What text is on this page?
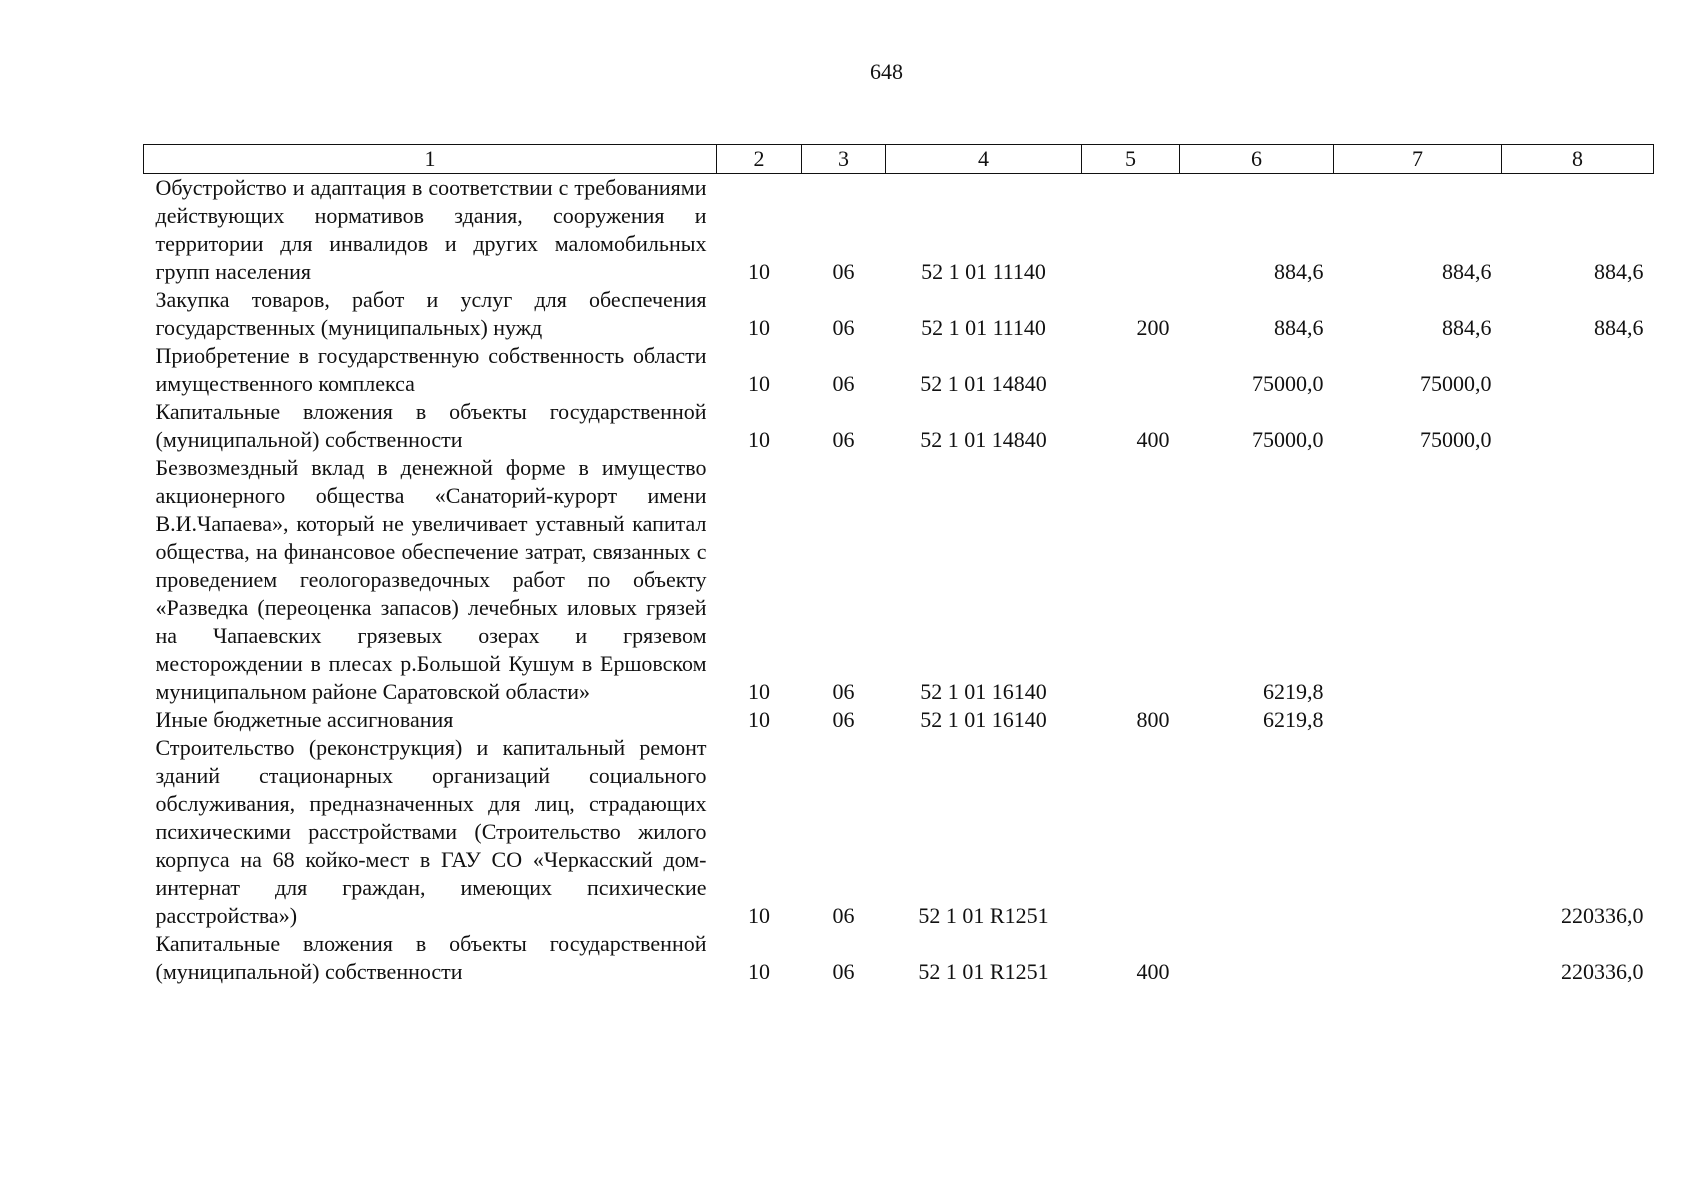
648
1	2	3	4	5	6	7	8
Обустройство и адаптация в соответствии с требованиями действующих нормативов здания, сооружения и территории для инвалидов и других маломобильных групп населения	10	06	52 1 01 11140		884,6	884,6	884,6
Закупка товаров, работ и услуг для обеспечения государственных (муниципальных) нужд	10	06	52 1 01 11140	200	884,6	884,6	884,6
Приобретение в государственную собственность области имущественного комплекса	10	06	52 1 01 14840		75000,0	75000,0	
Капитальные вложения в объекты государственной (муниципальной) собственности	10	06	52 1 01 14840	400	75000,0	75000,0	
Безвозмездный вклад в денежной форме в имущество акционерного общества «Санаторий-курорт имени В.И.Чапаева», который не увеличивает уставный капитал общества, на финансовое обеспечение затрат, связанных с проведением геологоразведочных работ по объекту «Разведка (переоценка запасов) лечебных иловых грязей на Чапаевских грязевых озерах и грязевом месторождении в плесах р.Большой Кушум в Ершовском муниципальном районе Саратовской области»	10	06	52 1 01 16140		6219,8		
Иные бюджетные ассигнования	10	06	52 1 01 16140	800	6219,8		
Строительство (реконструкция) и капитальный ремонт зданий стационарных организаций социального обслуживания, предназначенных для лиц, страдающих психическими расстройствами (Строительство жилого корпуса на 68 койко-мест в ГАУ СО «Черкасский дом-интернат для граждан, имеющих психические расстройства»)	10	06	52 1 01 R1251				220336,0
Капитальные вложения в объекты государственной (муниципальной) собственности	10	06	52 1 01 R1251	400			220336,0
